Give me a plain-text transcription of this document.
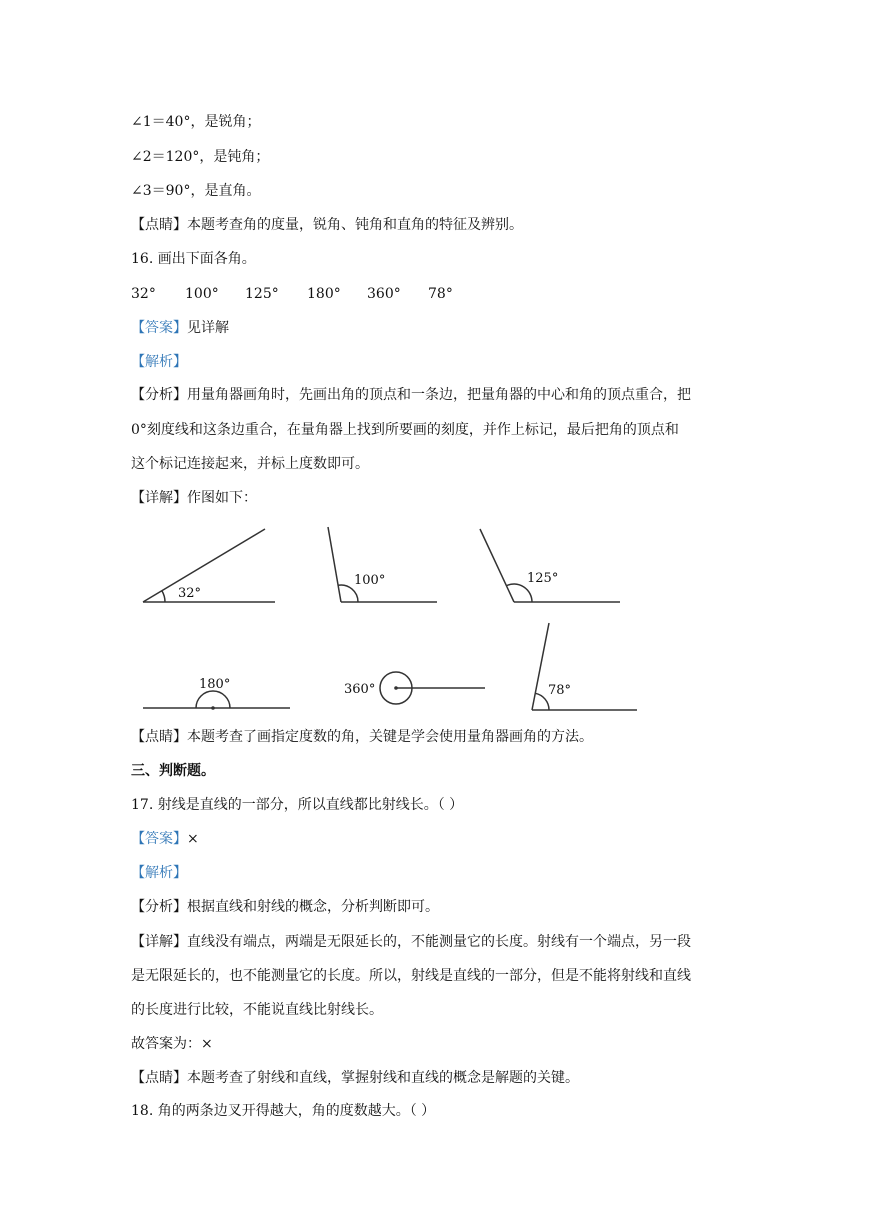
∠1＝40°，是锐角；
∠2＝120°，是钝角；
∠3＝90°，是直角。
【点睛】本题考查角的度量，锐角、钝角和直角的特征及辨别。
16. 画出下面各角。
32° 100° 125° 180° 360° 78°
【答案】见详解
【解析】
【分析】用量角器画角时，先画出角的顶点和一条边，把量角器的中心和角的顶点重合，把
0°刻度线和这条边重合，在量角器上找到所要画的刻度，并作上标记，最后把角的顶点和
这个标记连接起来，并标上度数即可。
【详解】作图如下：
32°
100°	125°
180°	360°	78°
【点睛】本题考查了画指定度数的角，关键是学会使用量角器画角的方法。
三、判断题。
17. 射线是直线的一部分，所以直线都比射线长。（ ）
【答案】×
【解析】
【分析】根据直线和射线的概念，分析判断即可。
【详解】直线没有端点，两端是无限延长的，不能测量它的长度。射线有一个端点，另一段
是无限延长的，也不能测量它的长度。所以，射线是直线的一部分，但是不能将射线和直线
的长度进行比较，不能说直线比射线长。
故答案为：×
【点睛】本题考查了射线和直线，掌握射线和直线的概念是解题的关键。
18. 角的两条边叉开得越大，角的度数越大。（ ）
